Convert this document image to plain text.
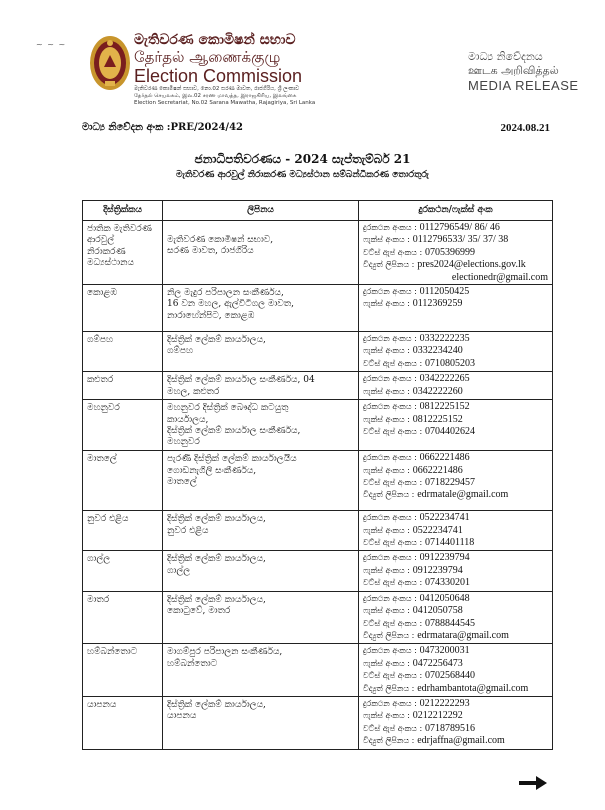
~ ~ ~	මැතිවරණ කොමිෂන් සභාව
தேர்தல் ஆணைக்குழு
Election Commission
මැතිවරණ කොමිෂන් සභාව, නො.02 සරණ මාවත, රාජගිරිය, ශ්‍රී ලංකාව
தேர்தல் செயலகம், இல.02 சரண மாவத்த, இராஜகிரிய, இலங்கை
Election Secretariat, No.02 Sarana Mawatha, Rajagiriya, Sri Lanka
මාධ්‍ය නිවේදනය
ஊடக அறிவித்தல்
MEDIA RELEASE
මාධ්‍ය නිවේදන අංක :PRE/2024/42	2024.08.21
ජනාධිපතිවරණය - 2024 සැප්තැම්බර් 21
මැතිවරණ ආරවුල් නිරාකරණ මධ්‍යස්ථාන සම්බන්ධීකරණ තොරතුරු
දිස්ත්‍රික්කය	ලිපිනය	දුරකථන/ෆැක්ස් අංක

ජාතික මැතිවරණ
ආරවුල්
නිරාකරණ
මධ්‍යස්ථානය	මැතිවරණ කොමිෂන් සභාව,
සරණ මාවත, රාජගිරිය	දුරකථන අංකය : 0112796549/ 86/ 46
ෆැක්ස් අංකය : 0112796533/ 35/ 37/ 38
වට්ස් ඇප් අංකය : 0705396999
විද්‍යුත් ලිපිනය : pres2024@elections.gov.lk
electionedr@gmail.com

කොළඹ	නිල මැදුර පරිපාලන සංකීර්ණය,
16 වන මහල, ඇල්විටිගල මාවත,
නාරාහේන්පිට, කොළඹ	දුරකථන අංකය : 0112050425
ෆැක්ස් අංකය : 0112369259

ගම්පහ	දිස්ත්‍රික් ලේකම් කාර්යාලය,
ගම්පහ	දුරකථන අංකය : 0332222235
ෆැක්ස් අංකය : 0332234240
වට්ස් ඇප් අංකය : 0710805203

කළුතර	දිස්ත්‍රික් ලේකම් කාර්යාල සංකීර්ණය, 04
මහල, කළුතර	දුරකථන අංකය : 0342222265
ෆැක්ස් අංකය : 0342222260

මහනුවර	මහනුවර දිස්ත්‍රික් බෞද්ධ කටයුතු
කාර්යාලය,
දිස්ත්‍රික් ලේකම් කාර්යාල සංකීර්ණය,
මහනුවර	දුරකථන අංකය : 0812225152
ෆැක්ස් අංකය : 0812225152
වට්ස් ඇප් අංකය : 0704402624

මාතලේ	පැරණි දිස්ත්‍රික් ලේකම් කාර්යාලයීය
ගොඩනැගිලි සංකීර්ණය,
මාතලේ	දුරකථන අංකය : 0662221486
ෆැක්ස් අංකය : 0662221486
වට්ස් ඇප් අංකය : 0718229457
විද්‍යුත් ලිපිනය : edrmatale@gmail.com

නුවර එළිය	දිස්ත්‍රික් ලේකම් කාර්යාලය,
නුවර එළිය	දුරකථන අංකය : 0522234741
ෆැක්ස් අංකය : 0522234741
වට්ස් ඇප් අංකය : 0714401118

ගාල්ල	දිස්ත්‍රික් ලේකම් කාර්යාලය,
ගාල්ල	දුරකථන අංකය : 0912239794
ෆැක්ස් අංකය : 0912239794
වට්ස් ඇප් අංකය : 074330201

මාතර	දිස්ත්‍රික් ලේකම් කාර්යාලය,
කොටුවේ, මාතර	දුරකථන අංකය : 0412050648
ෆැක්ස් අංකය : 0412050758
වට්ස් ඇප් අංකය : 0788844545
විද්‍යුත් ලිපිනය : edrmatara@gmail.com

හම්බන්තොට	මාගම්පුර පරිපාලන සංකීර්ණය,
හම්බන්තොට	දුරකථන අංකය : 0473200031
ෆැක්ස් අංකය : 0472256473
වට්ස් ඇප් අංකය : 0702568440
විද්‍යුත් ලිපිනය : edrhambantota@gmail.com

යාපනය	දිස්ත්‍රික් ලේකම් කාර්යාලය,
යාපනය	දුරකථන අංකය : 0212222293
ෆැක්ස් අංකය : 0212212292
වට්ස් ඇප් අංකය : 0718789516
විද්‍යුත් ලිපිනය : edrjaffna@gmail.com
